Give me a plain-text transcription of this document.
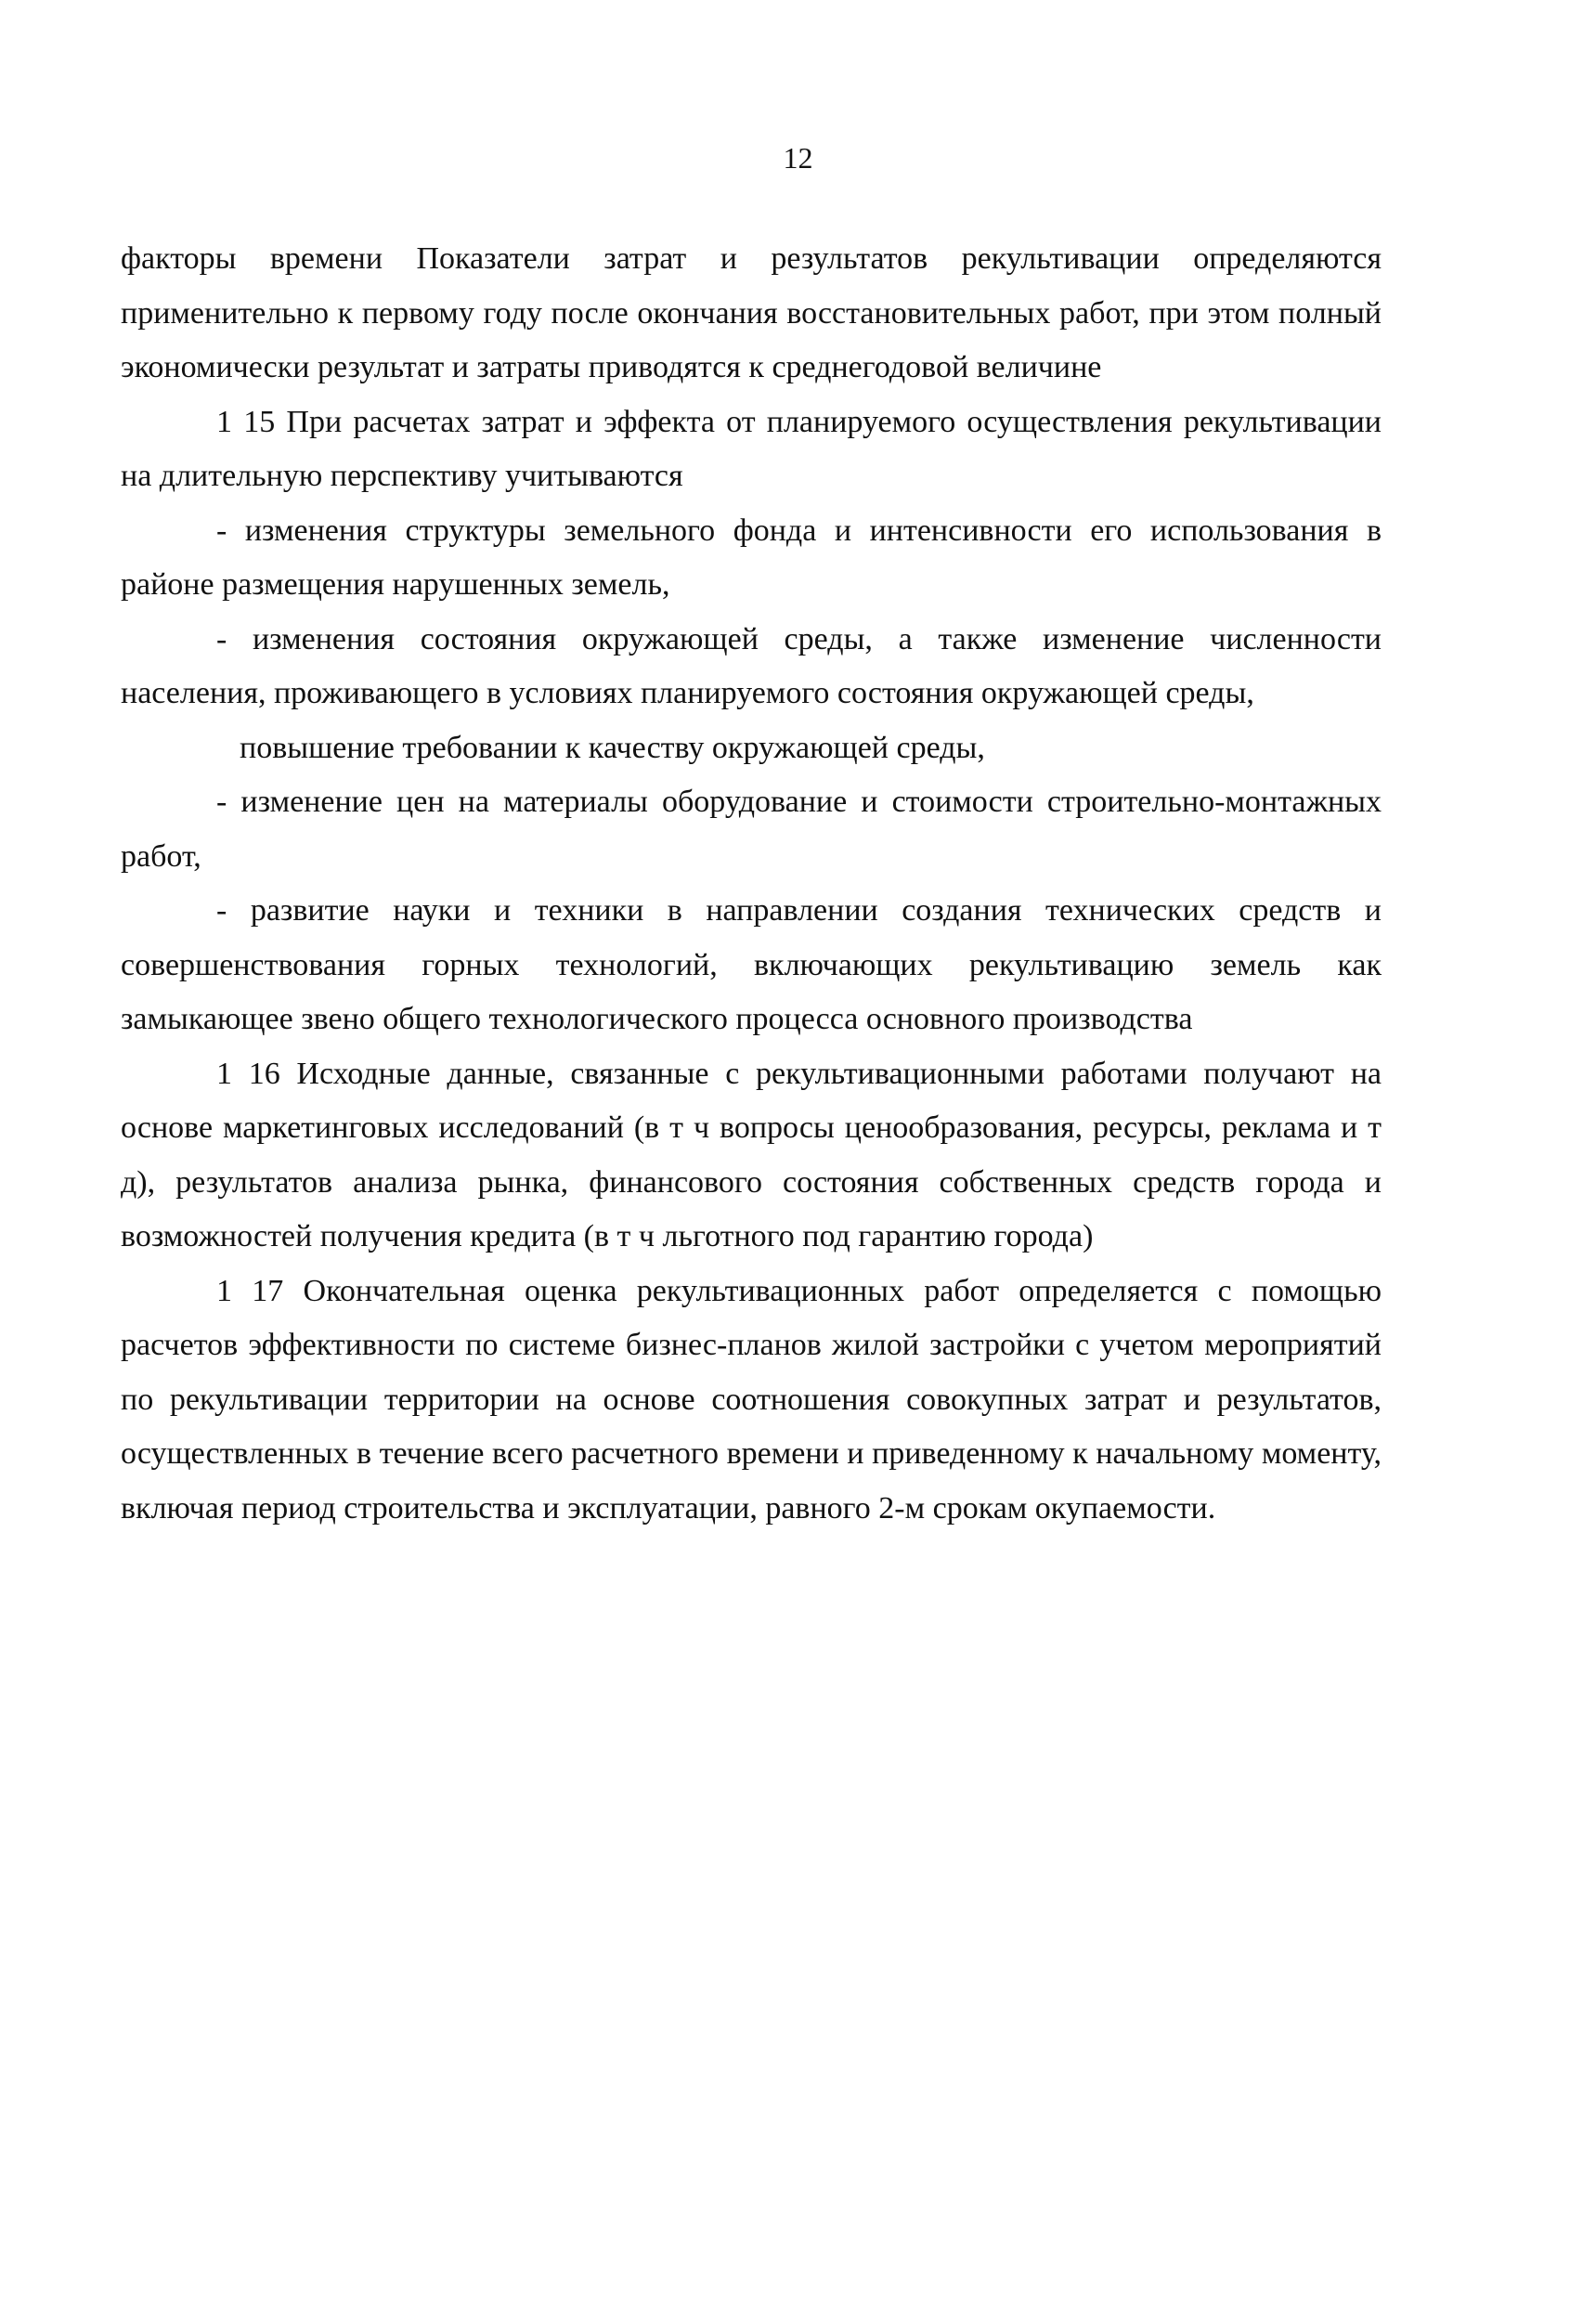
12

факторы времени Показатели затрат и результатов рекультивации определяются применительно к первому году после окончания восстановительных работ, при этом полный экономически результат и затраты приводятся к среднегодовой величине

1 15 При расчетах затрат и эффекта от планируемого осуществления рекультивации на длительную перспективу учитываются

- изменения структуры земельного фонда и интенсивности его использования в районе размещения нарушенных земель,

- изменения состояния окружающей среды, а также изменение численности населения, проживающего в условиях планируемого состояния окружающей среды,

повышение требовании к качеству окружающей среды,

- изменение цен на материалы оборудование и стоимости строительно-монтажных работ,

- развитие науки и техники в направлении создания технических средств и совершенствования горных технологий, включающих рекультивацию земель как замыкающее звено общего технологического процесса основного производства

1 16 Исходные данные, связанные с рекультивационными работами получают на основе маркетинговых исследований (в т ч вопросы ценообразования, ресурсы, реклама и т д), результатов анализа рынка, финансового состояния собственных средств города и возможностей получения кредита (в т ч льготного под гарантию города)

1 17 Окончательная оценка рекультивационных работ определяется с помощью расчетов эффективности по системе бизнес-планов жилой застройки с учетом мероприятий по рекультивации территории на основе соотношения совокупных затрат и результатов, осуществленных в течение всего расчетного времени и приведенному к начальному моменту, включая период строительства и эксплуатации, равного 2-м срокам окупаемости.
